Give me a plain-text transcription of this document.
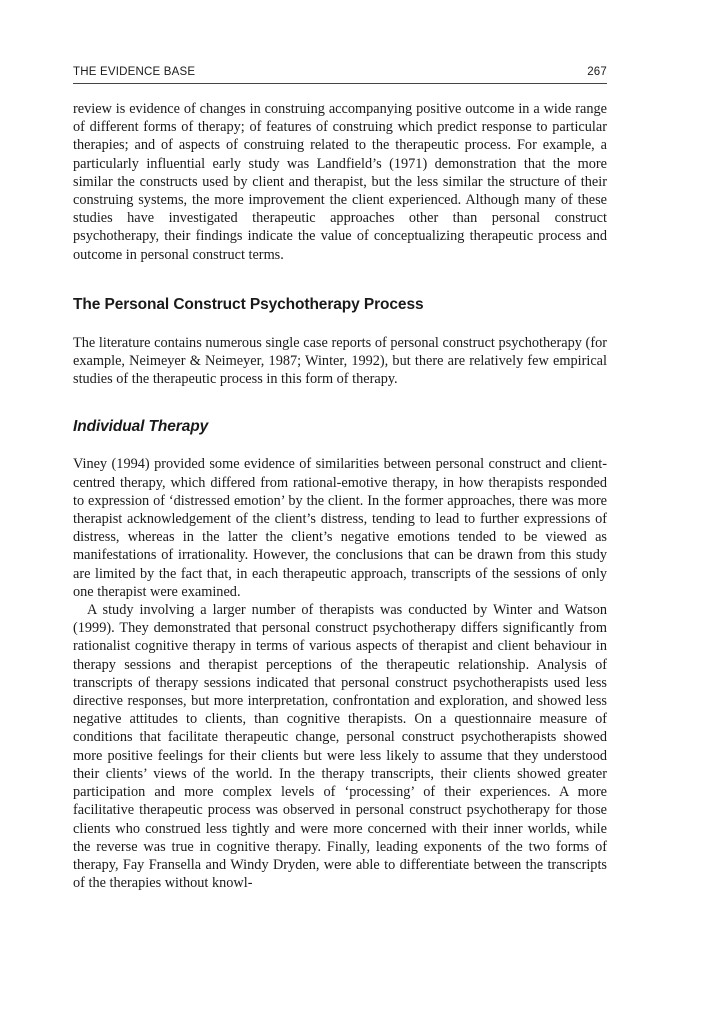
THE EVIDENCE BASE	267

review is evidence of changes in construing accompanying positive outcome in a wide range of different forms of therapy; of features of construing which predict response to particular therapies; and of aspects of construing related to the therapeutic process. For example, a particularly influential early study was Landfield’s (1971) demonstration that the more similar the constructs used by client and therapist, but the less similar the structure of their construing systems, the more improvement the client experienced. Although many of these studies have investigated therapeutic approaches other than personal construct psychotherapy, their findings indicate the value of conceptualizing therapeutic process and outcome in personal construct terms.

The Personal Construct Psychotherapy Process

The literature contains numerous single case reports of personal construct psychotherapy (for example, Neimeyer & Neimeyer, 1987; Winter, 1992), but there are relatively few empirical studies of the therapeutic process in this form of therapy.

Individual Therapy

Viney (1994) provided some evidence of similarities between personal construct and client-centred therapy, which differed from rational-emotive therapy, in how therapists responded to expression of ‘distressed emotion’ by the client. In the former approaches, there was more therapist acknowledgement of the client’s distress, tending to lead to further expressions of distress, whereas in the latter the client’s negative emotions tended to be viewed as manifestations of irrationality. However, the conclusions that can be drawn from this study are limited by the fact that, in each therapeutic approach, transcripts of the sessions of only one therapist were examined.

A study involving a larger number of therapists was conducted by Winter and Watson (1999). They demonstrated that personal construct psychotherapy differs significantly from rationalist cognitive therapy in terms of various aspects of therapist and client behaviour in therapy sessions and therapist perceptions of the therapeutic relationship. Analysis of transcripts of therapy sessions indicated that personal construct psychotherapists used less directive responses, but more interpretation, confrontation and exploration, and showed less negative attitudes to clients, than cognitive therapists. On a questionnaire measure of conditions that facilitate therapeutic change, personal construct psychotherapists showed more positive feelings for their clients but were less likely to assume that they understood their clients’ views of the world. In the therapy transcripts, their clients showed greater participation and more complex levels of ‘processing’ of their experiences. A more facilitative therapeutic process was observed in personal construct psychotherapy for those clients who construed less tightly and were more concerned with their inner worlds, while the reverse was true in cognitive therapy. Finally, leading exponents of the two forms of therapy, Fay Fransella and Windy Dryden, were able to differentiate between the transcripts of the therapies without knowl-
